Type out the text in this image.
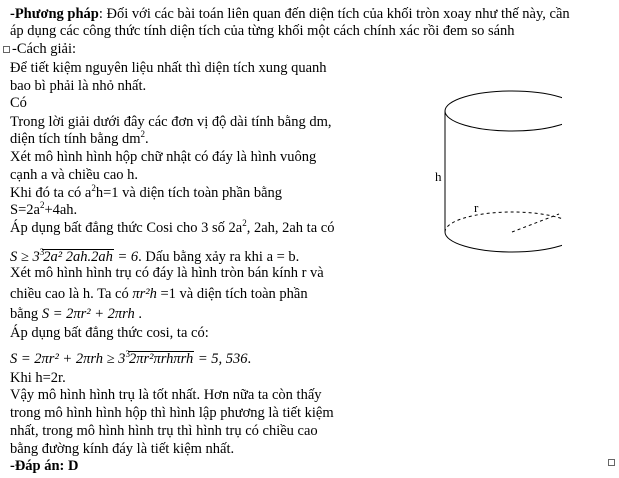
-Phương pháp: Đối với các bài toán liên quan đến diện tích của khối tròn xoay như thế này, cần
áp dụng các công thức tính diện tích của từng khối một cách chính xác rồi đem so sánh
-Cách giải:
Để tiết kiệm nguyên liệu nhất thì diện tích xung quanh
bao bì phải là nhỏ nhất.
Có
Trong lời giải dưới đây các đơn vị độ dài tính bằng dm,
diện tích tính bằng $dm^2$.
Xét mô hình hình hộp chữ nhật có đáy là hình vuông
cạnh a và chiều cao h.
Khi đó ta có $a^2h=1$ và diện tích toàn phần bằng
$S=2a^2+4ah$.
Áp dụng bất đẳng thức Cosi cho 3 số $2a^2$, 2ah, 2ah ta có
$S \ge 3^32a^2$ 2ah.2ah = 6. Dấu bằng xảy ra khi a = b.
Xét mô hình hình trụ có đáy là hình tròn bán kính r và
chiều cao là h. Ta có πr²h =1 và diện tích toàn phần
bằng S = 2πr² + 2πrh .
Áp dụng bất đẳng thức cosi, ta có:
$S = 2\pi r^2 + 2\pi rh \ge 3^32\pi r^2\pi rh\pi rh = 5$, 536.
Khi h=2r.
Vậy mô hình hình trụ là tốt nhất. Hơn nữa ta còn thấy
trong mô hình hình hộp thì hình lập phương là tiết kiệm
nhất, trong mô hình hình trụ thì hình trụ có chiều cao
bằng đường kính đáy là tiết kiệm nhất.
-Đáp án: D
h
r
